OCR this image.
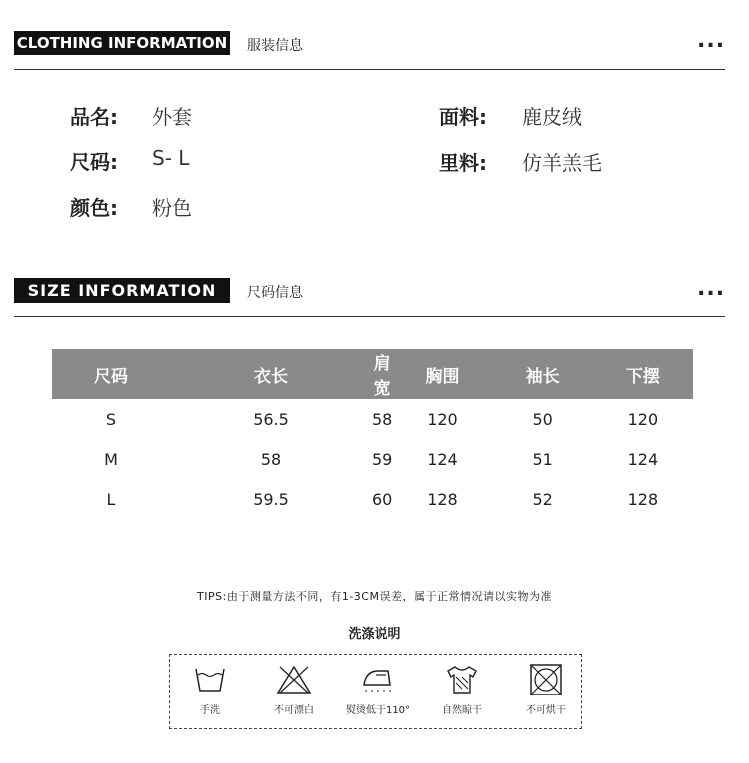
CLOTHING INFORMATION 服装信息	...
品名: 外套
尺码: S- L
颜色: 粉色
面料: 鹿皮绒
里料: 仿羊羔毛
SIZE INFORMATION	尺码信息	...
尺码	衣长	肩宽	胸围	袖长	下摆
S	56.5	58	120	50	120
M	58	59	124	51	124
L	59.5	60	128	52	128
TIPS:由于测量方法不同，有1-3CM误差，属于正常情况请以实物为准
洗涤说明
手洗	不可漂白	熨烫低于110°	自然晾干	不可烘干
